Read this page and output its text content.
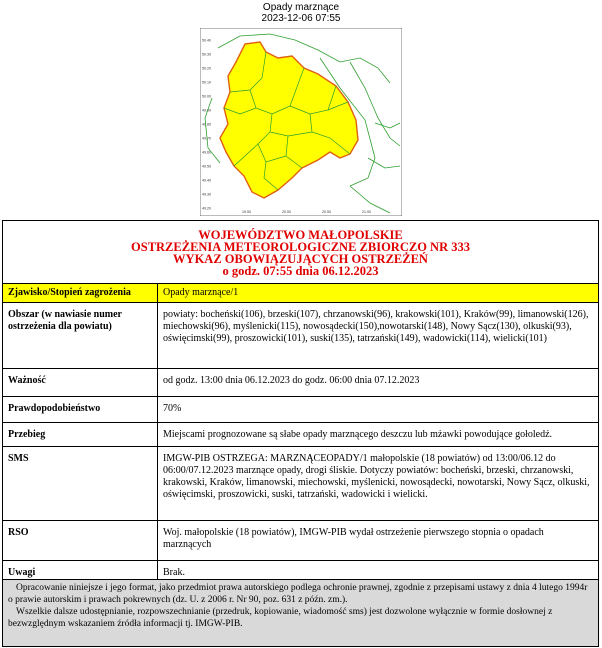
Opady marznące
2023-12-06 07:55
50.40
50.30
50.20
50.10
50.00
49.90
49.80
49.70
49.60
49.50
49.40
49.30
49.20
19.50	20.00	20.50	21.00
WOJEWÓDZTWO MAŁOPOLSKIE
OSTRZEŻENIA METEOROLOGICZNE ZBIORCZO NR 333
WYKAZ OBOWIĄZUJĄCYCH OSTRZEŻEŃ
o godz. 07:55 dnia 06.12.2023	

Zjawisko/Stopień zagrożenia	Opady marznące/1
Obszar (w nawiasie numer ostrzeżenia dla powiatu)	powiaty: bocheński(106), brzeski(107), chrzanowski(96), krakowski(101), Kraków(99), limanowski(126), miechowski(96), myślenicki(115), nowosądecki(150),nowotarski(148), Nowy Sącz(130), olkuski(93), oświęcimski(99), proszowicki(101), suski(135), tatrzański(149), wadowicki(114), wielicki(101)
Ważność	od godz. 13:00 dnia 06.12.2023 do godz. 06:00 dnia 07.12.2023
Prawdopodobieństwo	70%
Przebieg	Miejscami prognozowane są słabe opady marznącego deszczu lub mżawki powodujące gołoledź.
SMS	IMGW-PIB OSTRZEGA: MARZNĄCEOPADY/1 małopolskie (18 powiatów) od 13:00/06.12 do 06:00/07.12.2023 marznące opady, drogi śliskie. Dotyczy powiatów: bocheński, brzeski, chrzanowski, krakowski, Kraków, limanowski, miechowski, myślenicki, nowosądecki, nowotarski, Nowy Sącz, olkuski, oświęcimski, proszowicki, suski, tatrzański, wadowicki i wielicki.
RSO	Woj. małopolskie (18 powiatów), IMGW-PIB wydał ostrzeżenie pierwszego stopnia o opadach marznących
Uwagi	Brak.

Opracowanie niniejsze i jego format, jako przedmiot prawa autorskiego podlega ochronie prawnej, zgodnie z przepisami ustawy z dnia 4 lutego 1994r o prawie autorskim i prawach pokrewnych (dz. U. z 2006 r. Nr 90, poz. 631 z późn. zm.).

Wszelkie dalsze udostępnianie, rozpowszechnianie (przedruk, kopiowanie, wiadomość sms) jest dozwolone wyłącznie w formie dosłownej z bezwzględnym wskazaniem źródła informacji tj. IMGW-PIB.
